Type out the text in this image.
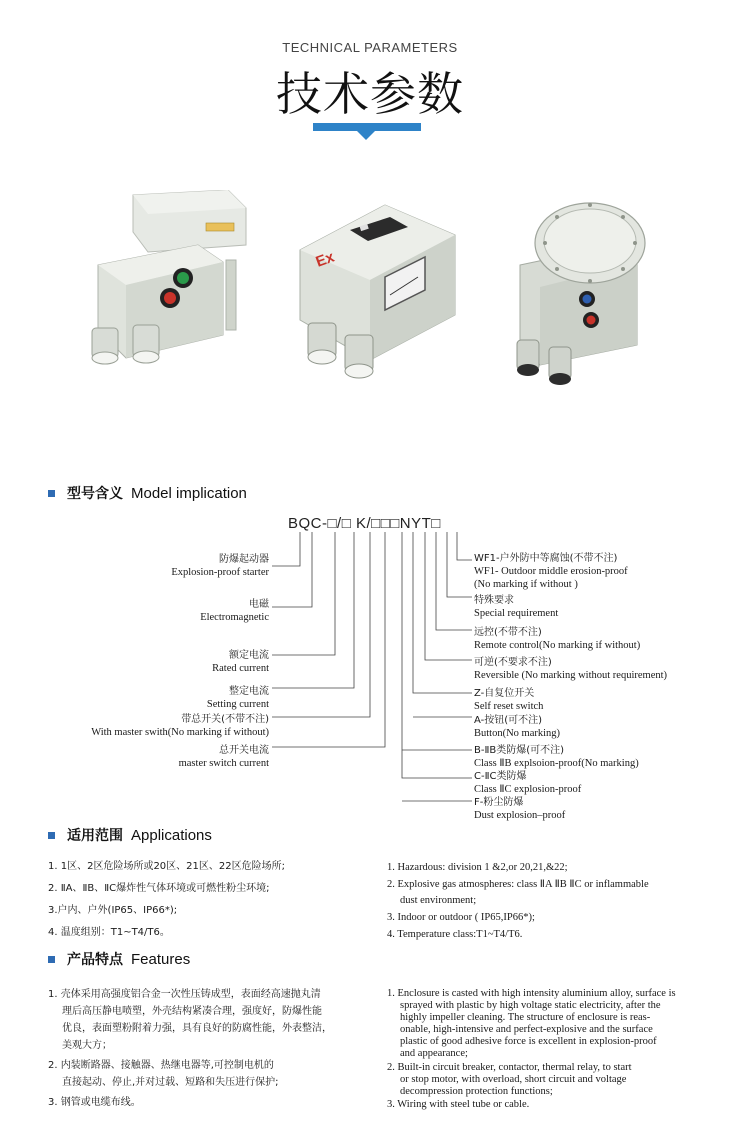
TECHNICAL PARAMETERS
技术参数
Ex
型号含义 Model implication
BQC-□/□ K/□□□NYT□
防爆起动器
Explosion-proof starter
电磁
Electromagnetic
额定电流
Rated current
整定电流
Setting current
带总开关(不带不注)
With master swith(No marking if without)
总开关电流
master switch current
WF1-户外防中等腐蚀(不带不注)
WF1- Outdoor middle erosion-proof
(No marking if without )
特殊要求
Special requirement
远控(不带不注)
Remote control(No marking if without)
可逆(不要求不注)
Reversible (No marking without requirement)
Z-自复位开关
Self reset switch
A-按钮(可不注)
Button(No marking)
B-ⅡB类防爆(可不注)
Class ⅡB explsoion-proof(No marking)
C-ⅡC类防爆
Class ⅡC explosion-proof
F-粉尘防爆
Dust explosion–proof
适用范围 Applications
1. 1区、2区危险场所或20区、21区、22区危险场所;
2. ⅡA、ⅡB、ⅡC爆炸性气体环境或可燃性粉尘环境;
3.户内、户外(IP65、IP66*);
4. 温度组别：T1~T4/T6。
1. Hazardous: division 1 &2,or 20,21,&22;
2. Explosive gas atmospheres: class ⅡA ⅡB ⅡC or inflammable
dust environment;
3. Indoor or outdoor ( IP65,IP66*);
4. Temperature class:T1~T4/T6.
产品特点 Features
1. 壳体采用高强度铝合金一次性压铸成型，表面经高速抛丸清
理后高压静电喷塑，外壳结构紧凑合理，强度好，防爆性能
优良，表面塑粉附着力强，具有良好的防腐性能，外表整洁，
美观大方；
2. 内装断路器、接触器、热继电器等,可控制电机的
直接起动、停止,并对过载、短路和失压进行保护;
3. 钢管或电缆布线。
1. Enclosure is casted with high intensity aluminium alloy, surface is
sprayed with plastic by high voltage static electricity, after the
highly impeller cleaning. The structure of enclosure is reas-
onable, high-intensive and perfect-explosive and the surface
plastic of good adhesive force is excellent in explosion-proof
and appearance;
2. Built-in circuit breaker, contactor, thermal relay, to start
or stop motor, with overload, short circuit and voltage
decompression protection functions;
3. Wiring with steel tube or cable.
